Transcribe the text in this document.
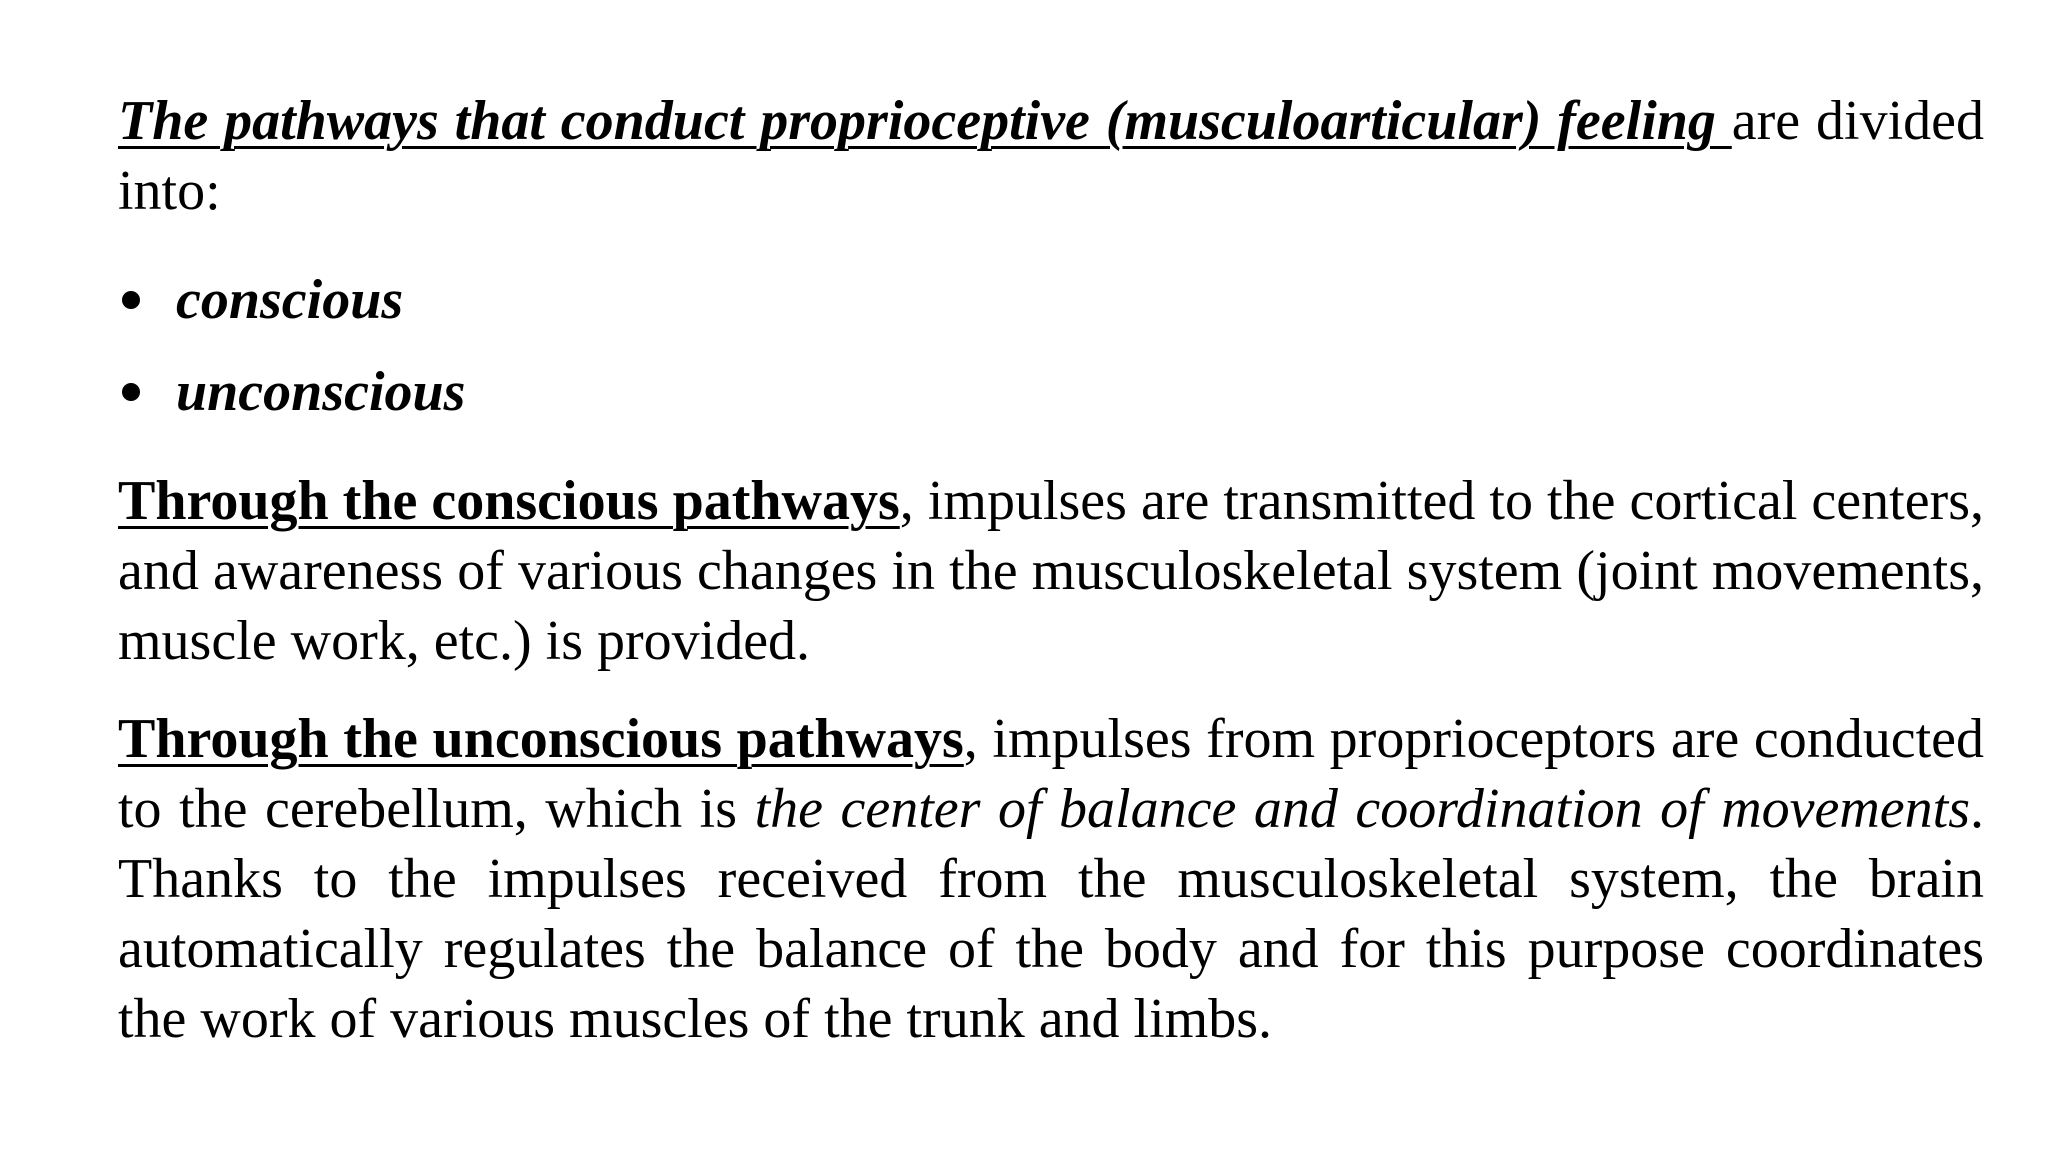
The pathways that conduct proprioceptive (musculoarticular) feeling are divided into:

conscious
unconscious

Through the conscious pathways, impulses are transmitted to the cortical centers, and awareness of various changes in the musculoskeletal system (joint movements, muscle work, etc.) is provided.

Through the unconscious pathways, impulses from proprioceptors are conducted to the cerebellum, which is the center of balance and coordination of movements. Thanks to the impulses received from the musculoskeletal system, the brain automatically regulates the balance of the body and for this purpose coordinates the work of various muscles of the trunk and limbs.
